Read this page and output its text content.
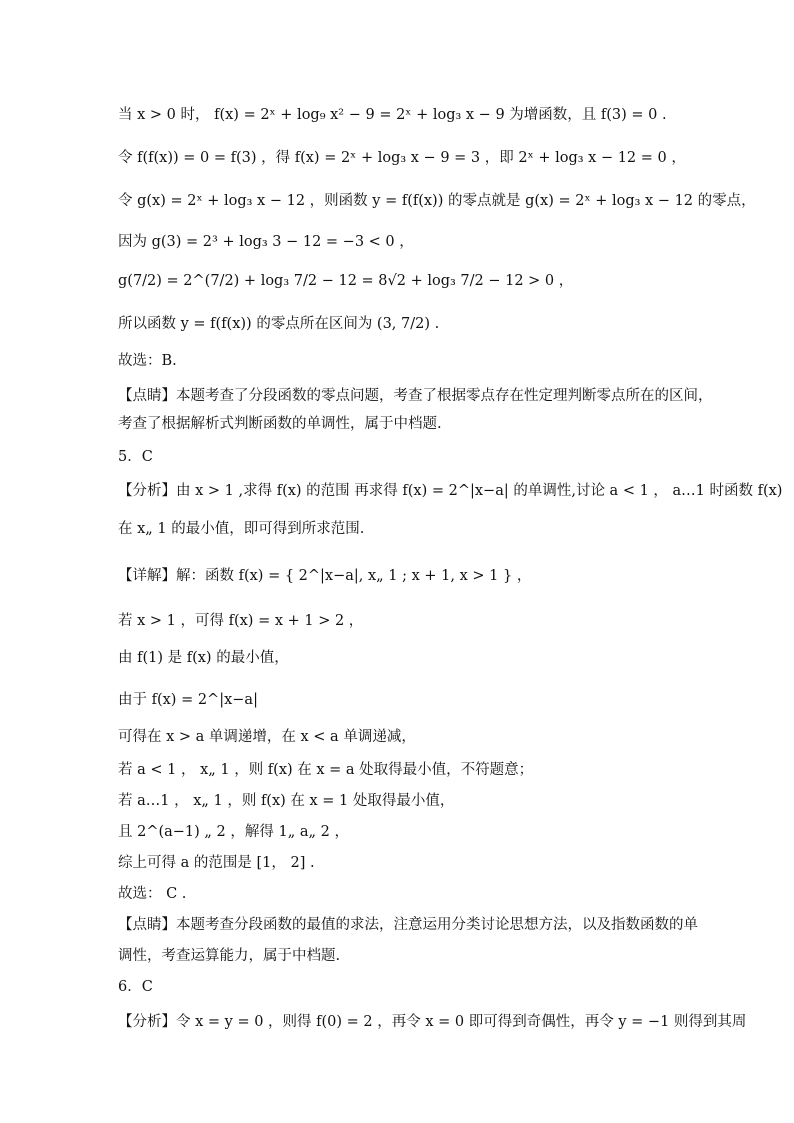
当 x > 0 时， f(x) = 2ˣ + log₉ x² − 9 = 2ˣ + log₃ x − 9 为增函数，且 f(3) = 0 .
令 f(f(x)) = 0 = f(3) ，得 f(x) = 2ˣ + log₃ x − 9 = 3 ，即 2ˣ + log₃ x − 12 = 0 ，
令 g(x) = 2ˣ + log₃ x − 12 ，则函数 y = f(f(x)) 的零点就是 g(x) = 2ˣ + log₃ x − 12 的零点，
因为 g(3) = 2³ + log₃ 3 − 12 = −3 < 0 ，
g(7/2) = 2^(7/2) + log₃ 7/2 − 12 = 8√2 + log₃ 7/2 − 12 > 0 ，
所以函数 y = f(f(x)) 的零点所在区间为 (3, 7/2) .
故选：B.
【点睛】本题考查了分段函数的零点问题，考查了根据零点存在性定理判断零点所在的区间，
考查了根据解析式判断函数的单调性，属于中档题.
5．C
【分析】由 x > 1 ,求得 f(x) 的范围 再求得 f(x) = 2^|x−a| 的单调性,讨论 a < 1 ， a…1 时函数 f(x)
在 x„ 1 的最小值，即可得到所求范围.
【详解】解：函数 f(x) = { 2^|x−a|, x„ 1 ; x + 1, x > 1 } ，
若 x > 1 ，可得 f(x) = x + 1 > 2 ，
由 f(1) 是 f(x) 的最小值，
由于 f(x) = 2^|x−a|
可得在 x > a 单调递增，在 x < a 单调递减，
若 a < 1 ， x„ 1 ，则 f(x) 在 x = a 处取得最小值，不符题意；
若 a…1 ， x„ 1 ，则 f(x) 在 x = 1 处取得最小值，
且 2^(a−1) „ 2 ，解得 1„ a„ 2 ，
综上可得 a 的范围是 [1， 2] .
故选： C .
【点睛】本题考查分段函数的最值的求法，注意运用分类讨论思想方法，以及指数函数的单
调性，考查运算能力，属于中档题.
6．C
【分析】令 x = y = 0 ，则得 f(0) = 2 ，再令 x = 0 即可得到奇偶性，再令 y = −1 则得到其周
